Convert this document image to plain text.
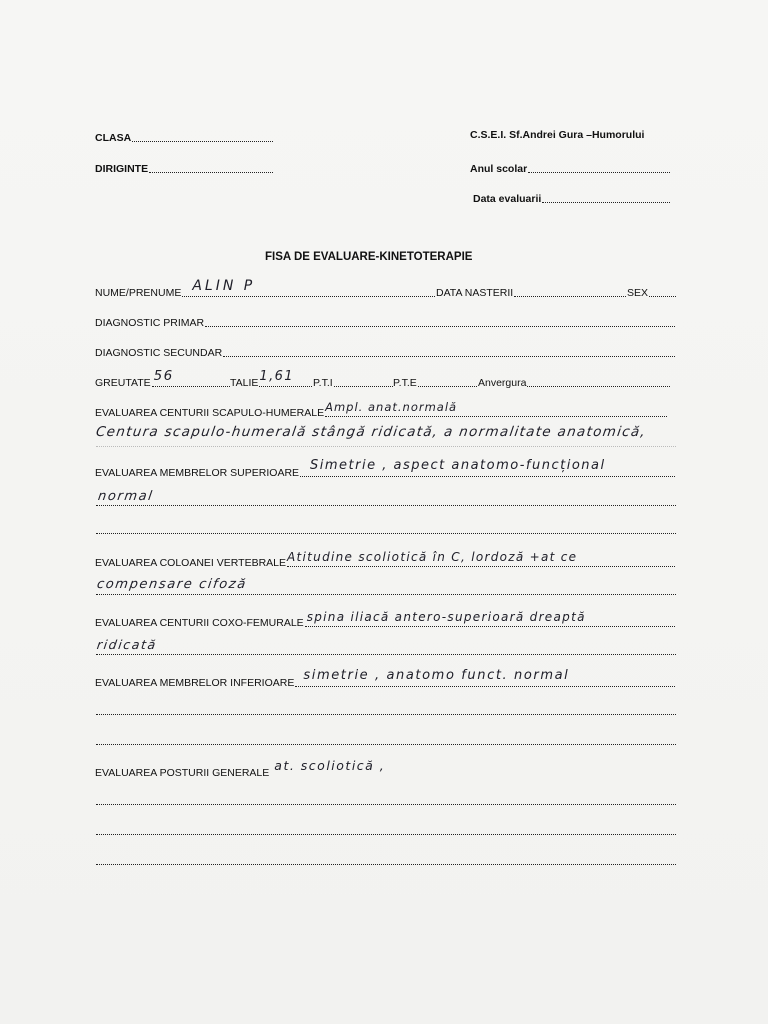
CLASA	C.S.E.I. Sf.Andrei Gura –Humorului
DIRIGINTE	Anul scolar
Data evaluarii
FISA DE EVALUARE-KINETOTERAPIE
NUME/PRENUME ALIN P	DATA NASTERII	SEX
DIAGNOSTIC PRIMAR
DIAGNOSTIC SECUNDAR
GREUTATE 56	TALIE 1,61 P.T.I	P.T.E	Anvergura
EVALUAREA CENTURII SCAPULO-HUMERALE Ampl. anat.normală
Centura scapulo-humerală stângă ridicată, a normalitate anatomică,
EVALUAREA MEMBRELOR SUPERIOARE Simetrie , aspect anatomo-funcțional
normal
EVALUAREA COLOANEI VERTEBRALE Atitudine scoliotică în C, lordoză +at ce
compensare cifoză
EVALUAREA CENTURII COXO-FEMURALE spina iliacă antero-superioară dreaptă
ridicată
EVALUAREA MEMBRELOR INFERIOARE simetrie , anatomo funct. normal
EVALUAREA POSTURII GENERALE at. scoliotică ,
